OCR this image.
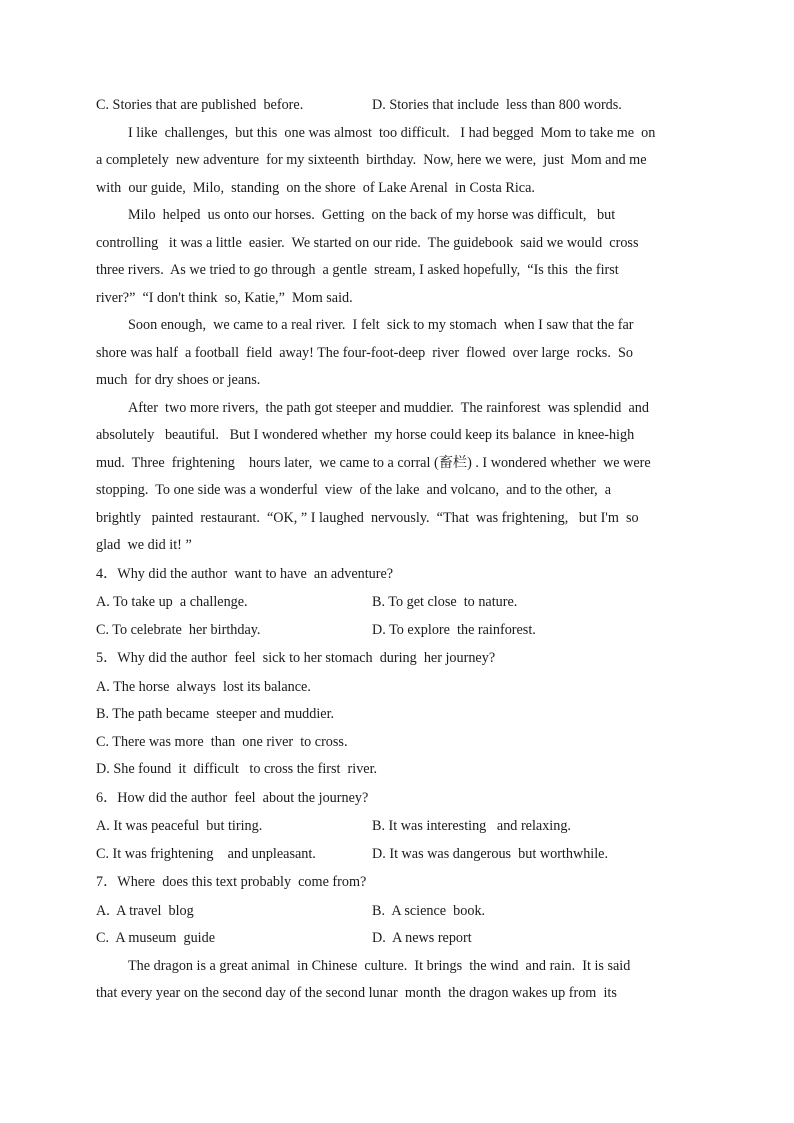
C. Stories that are published  before.	D. Stories that include  less than 800 words.
I like  challenges,  but this  one was almost  too difficult.   I had begged  Mom to take me  on
a completely  new adventure  for my sixteenth  birthday.  Now, here we were,  just  Mom and me
with  our guide,  Milo,  standing  on the shore  of Lake Arenal  in Costa Rica.
Milo  helped  us onto our horses.  Getting  on the back of my horse was difficult,   but
controlling   it was a little  easier.  We started on our ride.  The guidebook  said we would  cross
three rivers.  As we tried to go through  a gentle  stream, I asked hopefully,  “Is this  the first
river?”  “I don't think  so, Katie,”  Mom said.
Soon enough,  we came to a real river.  I felt  sick to my stomach  when I saw that the far
shore was half  a football  field  away! The four-foot-deep  river  flowed  over large  rocks.  So
much  for dry shoes or jeans.
After  two more rivers,  the path got steeper and muddier.  The rainforest  was splendid  and
absolutely   beautiful.   But I wondered whether  my horse could keep its balance  in knee-high
mud.  Three  frightening    hours later,  we came to a corral (畜栏) . I wondered whether  we were
stopping.  To one side was a wonderful  view  of the lake  and volcano,  and to the other,  a
brightly   painted  restaurant.  “OK, ” I laughed  nervously.  “That  was frightening,   but I'm  so
glad  we did it! ”
4．Why did the author  want to have  an adventure?
A. To take up  a challenge.	B. To get close  to nature.
C. To celebrate  her birthday.	D. To explore  the rainforest.
5．Why did the author  feel  sick to her stomach  during  her journey?
A. The horse  always  lost its balance.
B. The path became  steeper and muddier.
C. There was more  than  one river  to cross.
D. She found  it  difficult   to cross the first  river.
6．How did the author  feel  about the journey?
A. It was peaceful  but tiring.	B. It was interesting   and relaxing.
C. It was frightening    and unpleasant.	D. It was was dangerous  but worthwhile.
7．Where  does this text probably  come from?
A.  A travel  blog	B.  A science  book.
C.  A museum  guide	D.  A news report
The dragon is a great animal  in Chinese  culture.  It brings  the wind  and rain.  It is said
that every year on the second day of the second lunar  month  the dragon wakes up from  its
